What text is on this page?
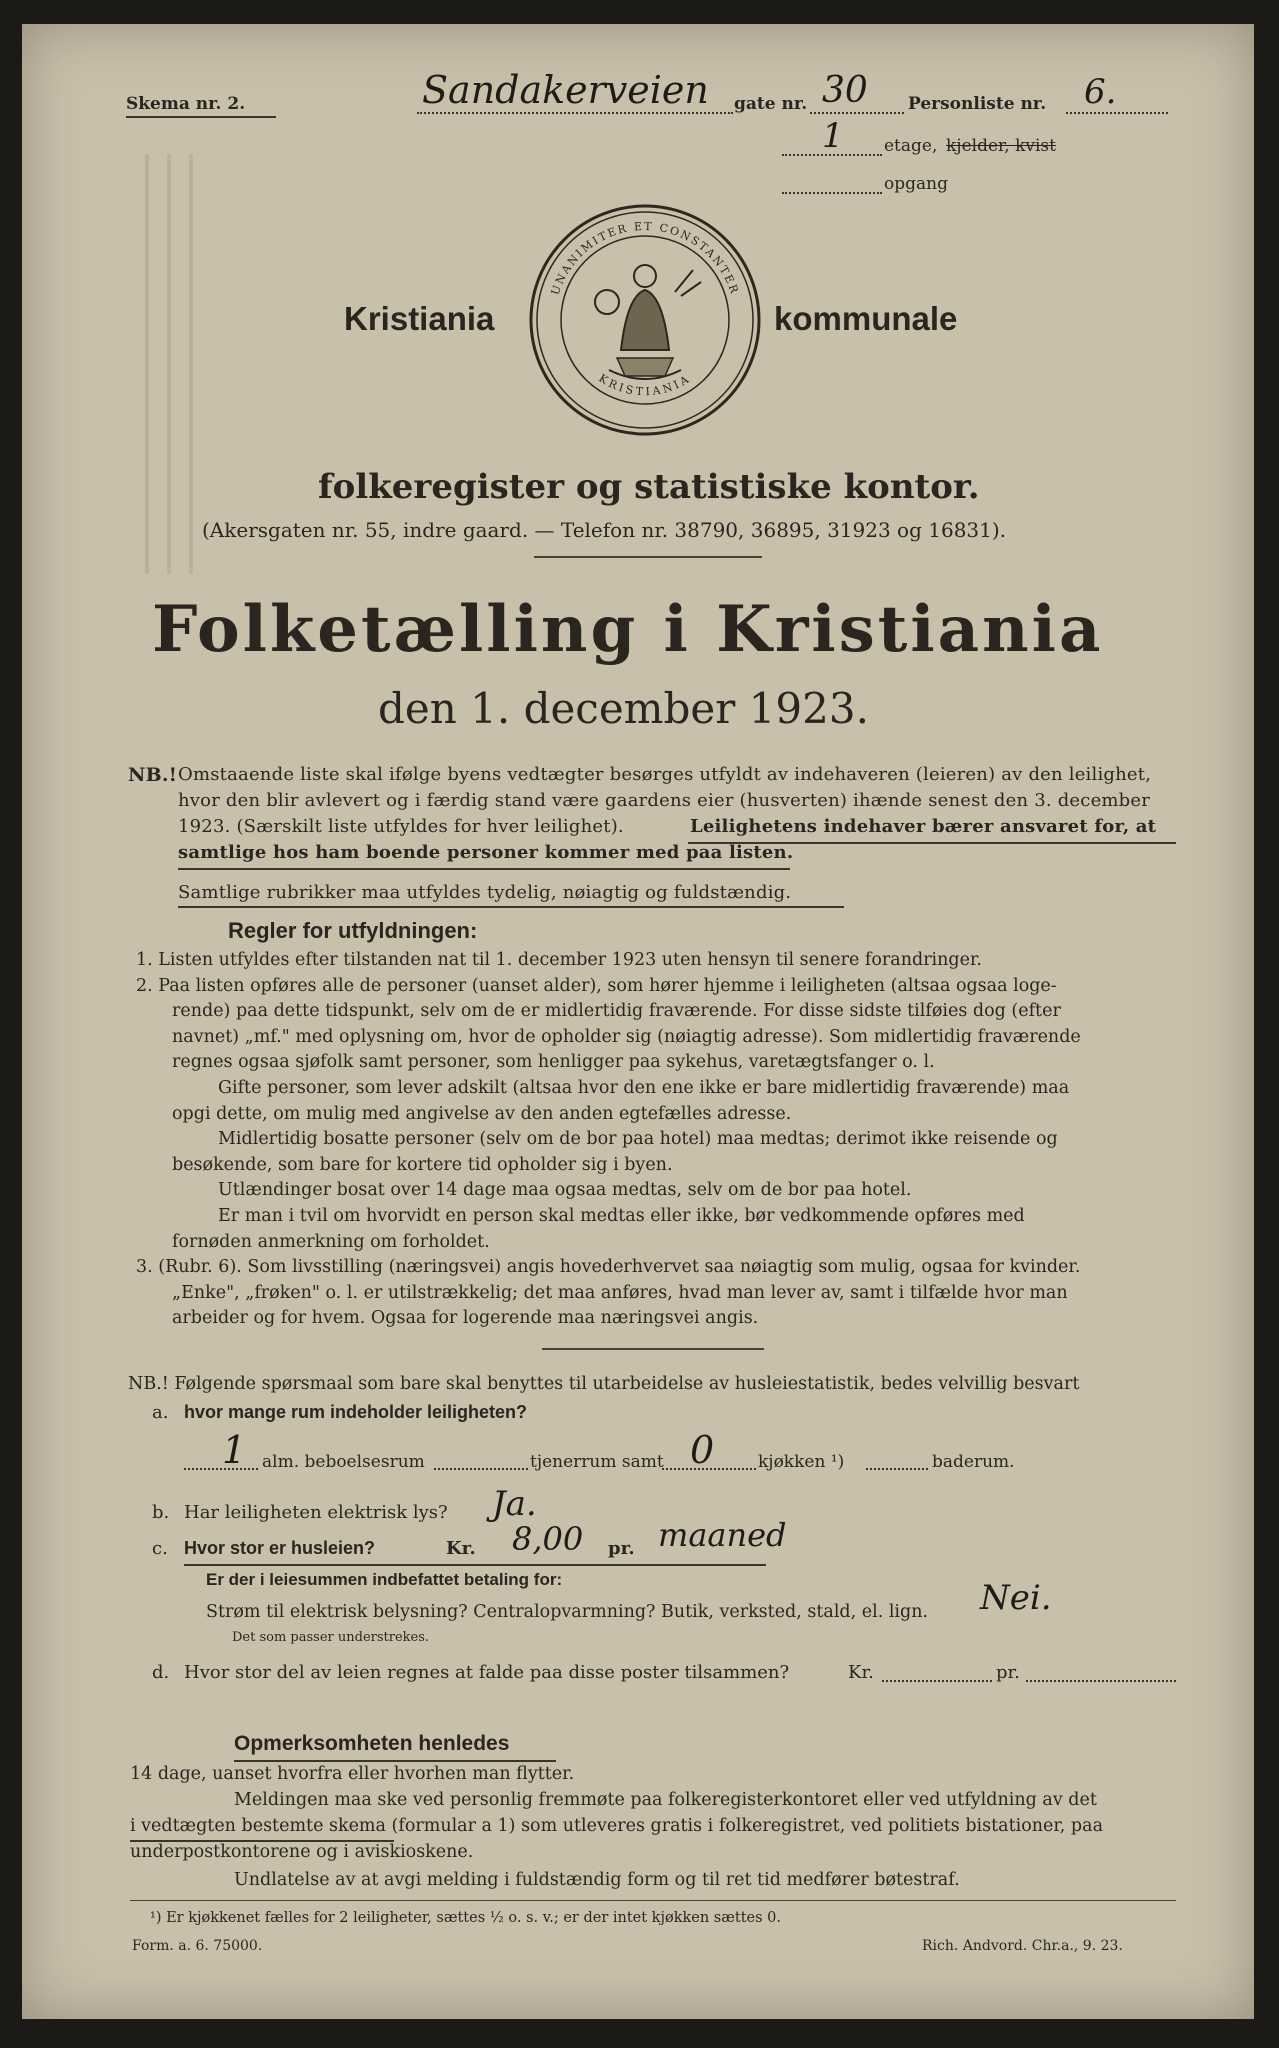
Skema nr. 2.	Sandakerveien gate nr. 30 Personliste nr. 6.
1 etage, kjelder, kvist
opgang
Kristiania	kommunale
UNANIMITER ET CONSTANTER
KRISTIANIA
folkeregister og statistiske kontor.
(Akersgaten nr. 55, indre gaard. — Telefon nr. 38790, 36895, 31923 og 16831).
Folketælling i Kristiania
den 1. december 1923.
NB.! Omstaaende liste skal ifølge byens vedtægter besørges utfyldt av indehaveren (leieren) av den leilighet,
hvor den blir avlevert og i færdig stand være gaardens eier (husverten) ihænde senest den 3. december
1923. (Særskilt liste utfyldes for hver leilighet).	Leilighetens indehaver bærer ansvaret for, at
samtlige hos ham boende personer kommer med paa listen.
Samtlige rubrikker maa utfyldes tydelig, nøiagtig og fuldstændig.
Regler for utfyldningen:
1. Listen utfyldes efter tilstanden nat til 1. december 1923 uten hensyn til senere forandringer.
2. Paa listen opføres alle de personer (uanset alder), som hører hjemme i leiligheten (altsaa ogsaa loge-
rende) paa dette tidspunkt, selv om de er midlertidig fraværende. For disse sidste tilføies dog (efter
navnet) „mf." med oplysning om, hvor de opholder sig (nøiagtig adresse). Som midlertidig fraværende
regnes ogsaa sjøfolk samt personer, som henligger paa sykehus, varetægtsfanger o. l.
Gifte personer, som lever adskilt (altsaa hvor den ene ikke er bare midlertidig fraværende) maa
opgi dette, om mulig med angivelse av den anden egtefælles adresse.
Midlertidig bosatte personer (selv om de bor paa hotel) maa medtas; derimot ikke reisende og
besøkende, som bare for kortere tid opholder sig i byen.
Utlændinger bosat over 14 dage maa ogsaa medtas, selv om de bor paa hotel.
Er man i tvil om hvorvidt en person skal medtas eller ikke, bør vedkommende opføres med
fornøden anmerkning om forholdet.
3. (Rubr. 6). Som livsstilling (næringsvei) angis hovederhvervet saa nøiagtig som mulig, ogsaa for kvinder.
„Enke", „frøken" o. l. er utilstrækkelig; det maa anføres, hvad man lever av, samt i tilfælde hvor man
arbeider og for hvem. Ogsaa for logerende maa næringsvei angis.
NB.! Følgende spørsmaal som bare skal benyttes til utarbeidelse av husleiestatistik, bedes velvillig besvart
a. hvor mange rum indeholder leiligheten?
1 alm. beboelsesrum	tjenerrum samt 0	kjøkken ¹)	baderum.
b. Har leiligheten elektrisk lys? Ja.
c. Hvor stor er husleien?	Kr. 8,00 pr. maaned
Er der i leiesummen indbefattet betaling for:
Strøm til elektrisk belysning? Centralopvarmning? Butik, verksted, stald, el. lign. Nei.
Det som passer understrekes.
d. Hvor stor del av leien regnes at falde paa disse poster tilsammen?	Kr.	pr.
Opmerksomheten henledes
14 dage, uanset hvorfra eller hvorhen man flytter.
Meldingen maa ske ved personlig fremmøte paa folkeregisterkontoret eller ved utfyldning av det
i vedtægten bestemte skema (formular a 1) som utleveres gratis i folkeregistret, ved politiets bistationer, paa
underpostkontorene og i aviskioskene.
Undlatelse av at avgi melding i fuldstændig form og til ret tid medfører bøtestraf.
¹) Er kjøkkenet fælles for 2 leiligheter, sættes ½ o. s. v.; er der intet kjøkken sættes 0.
Form. a. 6. 75000.	Rich. Andvord. Chr.a., 9. 23.
